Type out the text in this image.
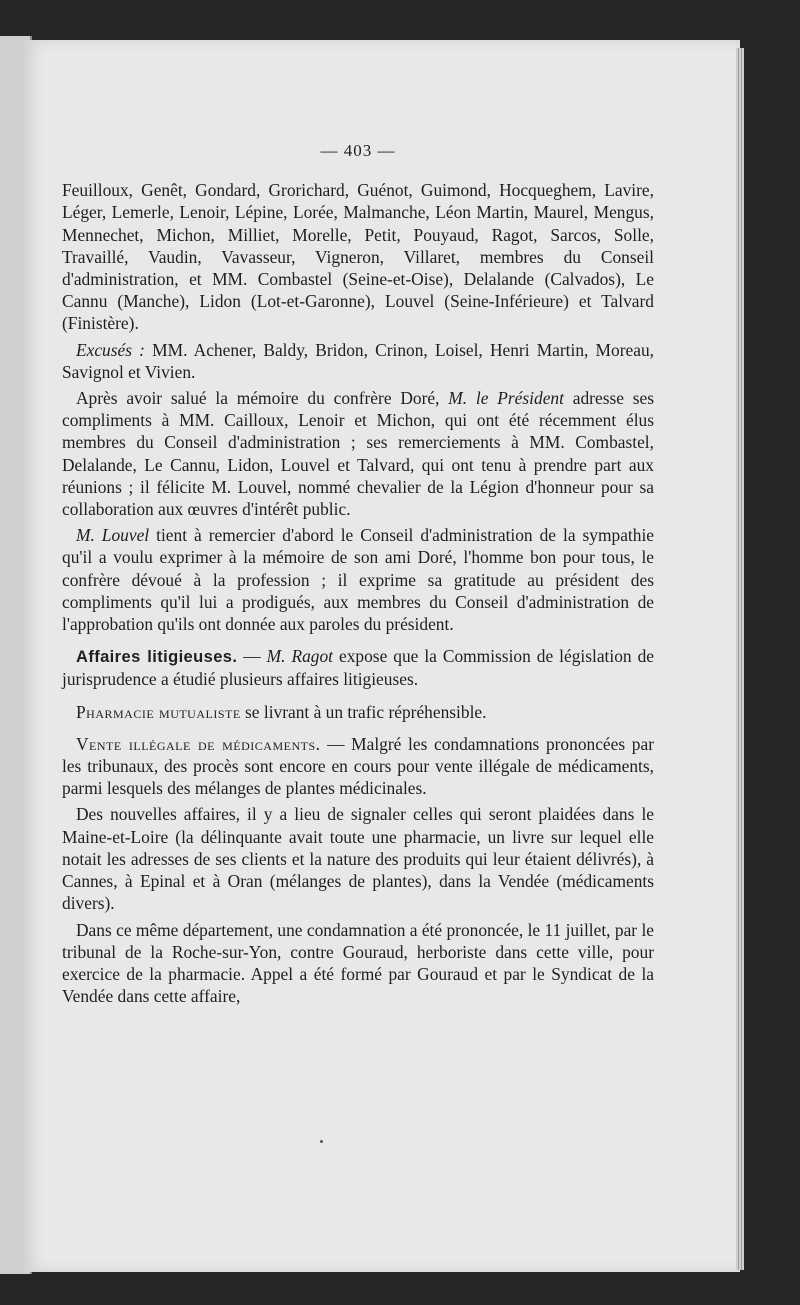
— 403 —

Feuilloux, Genêt, Gondard, Grorichard, Guénot, Guimond, Hocqueghem, Lavire, Léger, Lemerle, Lenoir, Lépine, Lorée, Malmanche, Léon Martin, Maurel, Mengus, Mennechet, Michon, Milliet, Morelle, Petit, Pouyaud, Ragot, Sarcos, Solle, Travaillé, Vaudin, Vavasseur, Vigneron, Villaret, membres du Conseil d'administration, et MM. Combastel (Seine-et-Oise), Delalande (Calvados), Le Cannu (Manche), Lidon (Lot-et-Garonne), Louvel (Seine-Inférieure) et Talvard (Finistère).

Excusés : MM. Achener, Baldy, Bridon, Crinon, Loisel, Henri Martin, Moreau, Savignol et Vivien.

Après avoir salué la mémoire du confrère Doré, M. le Président adresse ses compliments à MM. Cailloux, Lenoir et Michon, qui ont été récemment élus membres du Conseil d'administration ; ses remerciements à MM. Combastel, Delalande, Le Cannu, Lidon, Louvel et Talvard, qui ont tenu à prendre part aux réunions ; il félicite M. Louvel, nommé chevalier de la Légion d'honneur pour sa collaboration aux œuvres d'intérêt public.

M. Louvel tient à remercier d'abord le Conseil d'administration de la sympathie qu'il a voulu exprimer à la mémoire de son ami Doré, l'homme bon pour tous, le confrère dévoué à la profession ; il exprime sa gratitude au président des compliments qu'il lui a prodigués, aux membres du Conseil d'administration de l'approbation qu'ils ont donnée aux paroles du président.

Affaires litigieuses. — M. Ragot expose que la Commission de législation de jurisprudence a étudié plusieurs affaires litigieuses.

Pharmacie mutualiste se livrant à un trafic répréhensible.

Vente illégale de médicaments. — Malgré les condamnations prononcées par les tribunaux, des procès sont encore en cours pour vente illégale de médicaments, parmi lesquels des mélanges de plantes médicinales.

Des nouvelles affaires, il y a lieu de signaler celles qui seront plaidées dans le Maine-et-Loire (la délinquante avait toute une pharmacie, un livre sur lequel elle notait les adresses de ses clients et la nature des produits qui leur étaient délivrés), à Cannes, à Epinal et à Oran (mélanges de plantes), dans la Vendée (médicaments divers).

Dans ce même département, une condamnation a été prononcée, le 11 juillet, par le tribunal de la Roche-sur-Yon, contre Gouraud, herboriste dans cette ville, pour exercice de la pharmacie. Appel a été formé par Gouraud et par le Syndicat de la Vendée dans cette affaire,
